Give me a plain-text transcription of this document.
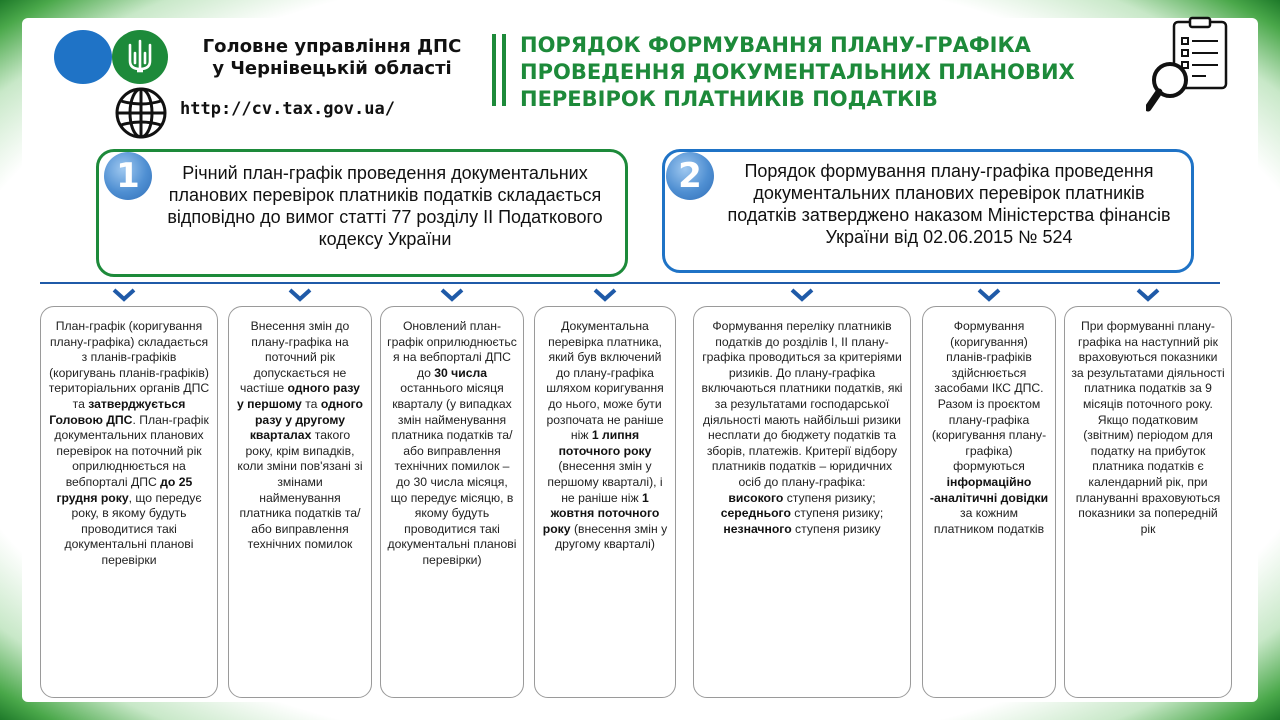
Головне управління ДПС
у Чернівецькій області
http://cv.tax.gov.ua/
ПОРЯДОК ФОРМУВАННЯ ПЛАНУ-ГРАФІКА ПРОВЕДЕННЯ ДОКУМЕНТАЛЬНИХ ПЛАНОВИХ ПЕРЕВІРОК ПЛАТНИКІВ ПОДАТКІВ
Річний план-графік проведення документальних планових перевірок платників податків складається відповідно до вимог статті 77 розділу II Податкового кодексу України
1	Порядок формування плану-графіка проведення документальних планових перевірок платників податків затверджено наказом Міністерства фінансів України від 02.06.2015 № 524
2

План-графік (коригування плану-графіка) складається з планів-графіків (коригувань планів-графіків) територіальних органів ДПС та затверджується Головою ДПС. План-графік документальних планових перевірок на поточний рік оприлюднюється на вебпорталі ДПС до 25 грудня року, що передує року, в якому будуть проводитися такі документальні планові перевірки

Внесення змін до плану-графіка на поточний рік допускається не частіше одного разу у першому та одного разу у другому кварталах такого року, крім випадків, коли зміни пов'язані зі змінами найменування платника податків та/або виправлення технічних помилок

Оновлений план-графік оприлюднюєтьс я на вебпорталі ДПС до 30 числа останнього місяця кварталу (у випадках змін найменування платника податків та/або виправлення технічних помилок – до 30 числа місяця, що передує місяцю, в якому будуть проводитися такі документальні планові перевірки)

Документальна перевірка платника, який був включений до плану-графіка шляхом коригування до нього, може бути розпочата не раніше ніж 1 липня поточного року (внесення змін у першому кварталі), і не раніше ніж 1 жовтня поточного року (внесення змін у другому кварталі)

Формування переліку платників податків до розділів I, II плану-графіка проводиться за критеріями ризиків. До плану-графіка включаються платники податків, які за результатами господарської діяльності мають найбільші ризики несплати до бюджету податків та зборів, платежів. Критерії відбору платників податків – юридичних осіб до плану-графіка:
високого ступеня ризику;
середнього ступеня ризику;
незначного ступеня ризику

Формування (коригування) планів-графіків здійснюється засобами ІКС ДПС. Разом із проєктом плану-графіка (коригування плану-графіка) формуються інформаційно -аналітичні довідки за кожним платником податків

При формуванні плану-графіка на наступний рік враховуються показники за результатами діяльності платника податків за 9 місяців поточного року. Якщо податковим (звітним) періодом для податку на прибуток платника податків є календарний рік, при плануванні враховуються показники за попередній рік
